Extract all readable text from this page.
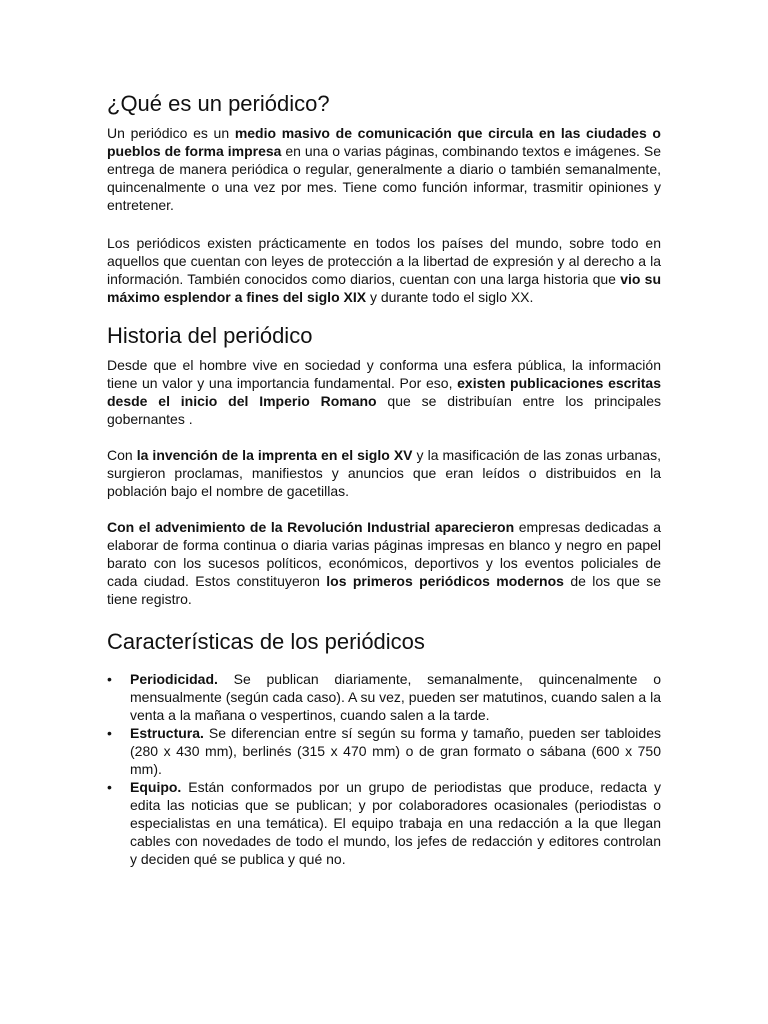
¿Qué es un periódico?

Un periódico es un medio masivo de comunicación que circula en las ciudades o pueblos de forma impresa en una o varias páginas, combinando textos e imágenes. Se entrega de manera periódica o regular, generalmente a diario o también semanalmente, quincenalmente o una vez por mes. Tiene como función informar, trasmitir opiniones y entretener.

Los periódicos existen prácticamente en todos los países del mundo, sobre todo en aquellos que cuentan con leyes de protección a la libertad de expresión y al derecho a la información. También conocidos como diarios, cuentan con una larga historia que vio su máximo esplendor a fines del siglo XIX y durante todo el siglo XX.

Historia del periódico

Desde que el hombre vive en sociedad y conforma una esfera pública, la información tiene un valor y una importancia fundamental. Por eso, existen publicaciones escritas desde el inicio del Imperio Romano que se distribuían entre los principales gobernantes .

Con la invención de la imprenta en el siglo XV y la masificación de las zonas urbanas, surgieron proclamas, manifiestos y anuncios que eran leídos o distribuidos en la población bajo el nombre de gacetillas.

Con el advenimiento de la Revolución Industrial aparecieron empresas dedicadas a elaborar de forma continua o diaria varias páginas impresas en blanco y negro en papel barato con los sucesos políticos, económicos, deportivos y los eventos policiales de cada ciudad. Estos constituyeron los primeros periódicos modernos de los que se tiene registro.

Características de los periódicos
• Periodicidad. Se publican diariamente, semanalmente, quincenalmente o mensualmente (según cada caso). A su vez, pueden ser matutinos, cuando salen a la venta a la mañana o vespertinos, cuando salen a la tarde.
• Estructura. Se diferencian entre sí según su forma y tamaño, pueden ser tabloides (280 x 430 mm), berlinés (315 x 470 mm) o de gran formato o sábana (600 x 750 mm).
• Equipo. Están conformados por un grupo de periodistas que produce, redacta y edita las noticias que se publican; y por colaboradores ocasionales (periodistas o especialistas en una temática). El equipo trabaja en una redacción a la que llegan cables con novedades de todo el mundo, los jefes de redacción y editores controlan y deciden qué se publica y qué no.
